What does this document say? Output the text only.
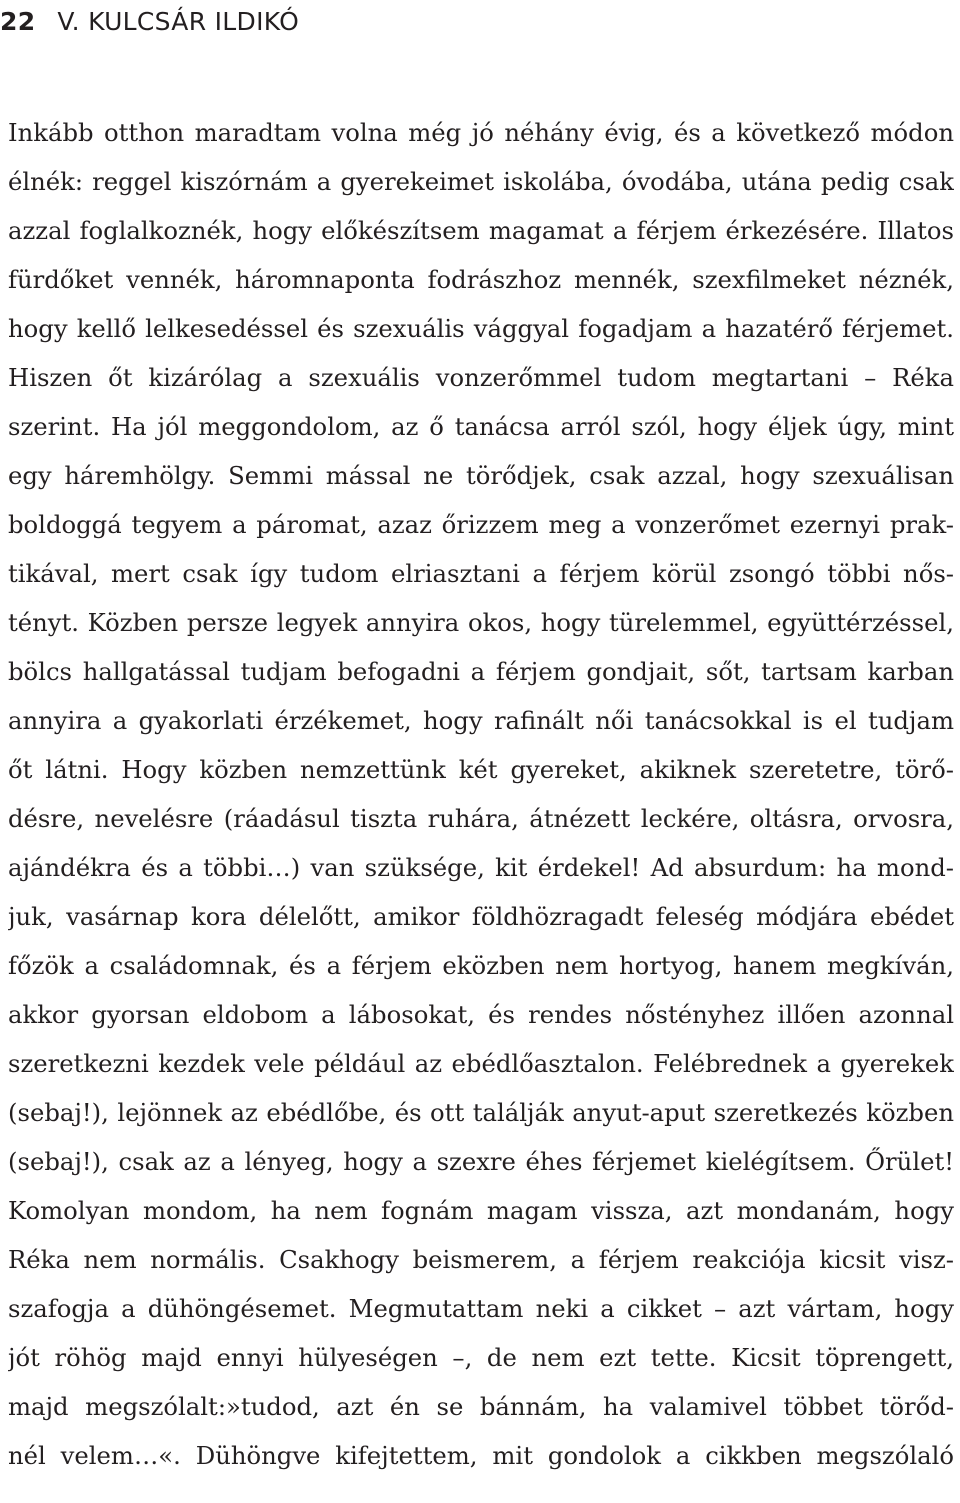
22 V. KULCSÁR ILDIKÓ
Inkább otthon maradtam volna még jó néhány évig, és a következő módon
élnék: reggel kiszórnám a gyerekeimet iskolába, óvodába, utána pedig csak
azzal foglalkoznék, hogy előkészítsem magamat a férjem érkezésére. Illatos
fürdőket vennék, háromnaponta fodrászhoz mennék, szexfilmeket néznék,
hogy kellő lelkesedéssel és szexuális vággyal fogadjam a hazatérő férjemet.
Hiszen őt kizárólag a szexuális vonzerőmmel tudom megtartani – Réka
szerint. Ha jól meggondolom, az ő tanácsa arról szól, hogy éljek úgy, mint
egy háremhölgy. Semmi mással ne törődjek, csak azzal, hogy szexuálisan
boldoggá tegyem a páromat, azaz őrizzem meg a vonzerőmet ezernyi prak-
tikával, mert csak így tudom elriasztani a férjem körül zsongó többi nős-
tényt. Közben persze legyek annyira okos, hogy türelemmel, együttérzéssel,
bölcs hallgatással tudjam befogadni a férjem gondjait, sőt, tartsam karban
annyira a gyakorlati érzékemet, hogy rafinált női tanácsokkal is el tudjam
őt látni. Hogy közben nemzettünk két gyereket, akiknek szeretetre, törő-
désre, nevelésre (ráadásul tiszta ruhára, átnézett leckére, oltásra, orvosra,
ajándékra és a többi…) van szüksége, kit érdekel! Ad absurdum: ha mond-
juk, vasárnap kora délelőtt, amikor földhözragadt feleség módjára ebédet
főzök a családomnak, és a férjem eközben nem hortyog, hanem megkíván,
akkor gyorsan eldobom a lábosokat, és rendes nőstényhez illően azonnal
szeretkezni kezdek vele például az ebédlőasztalon. Felébrednek a gyerekek
(sebaj!), lejönnek az ebédlőbe, és ott találják anyut-aput szeretkezés közben
(sebaj!), csak az a lényeg, hogy a szexre éhes férjemet kielégítsem. Őrület!
Komolyan mondom, ha nem fognám magam vissza, azt mondanám, hogy
Réka nem normális. Csakhogy beismerem, a férjem reakciója kicsit visz-
szafogja a dühöngésemet. Megmutattam neki a cikket – azt vártam, hogy
jót röhög majd ennyi hülyeségen –, de nem ezt tette. Kicsit töprengett,
majd megszólalt:»tudod, azt én se bánnám, ha valamivel többet törőd-
nél velem…«. Dühöngve kifejtettem, mit gondolok a cikkben megszólaló
